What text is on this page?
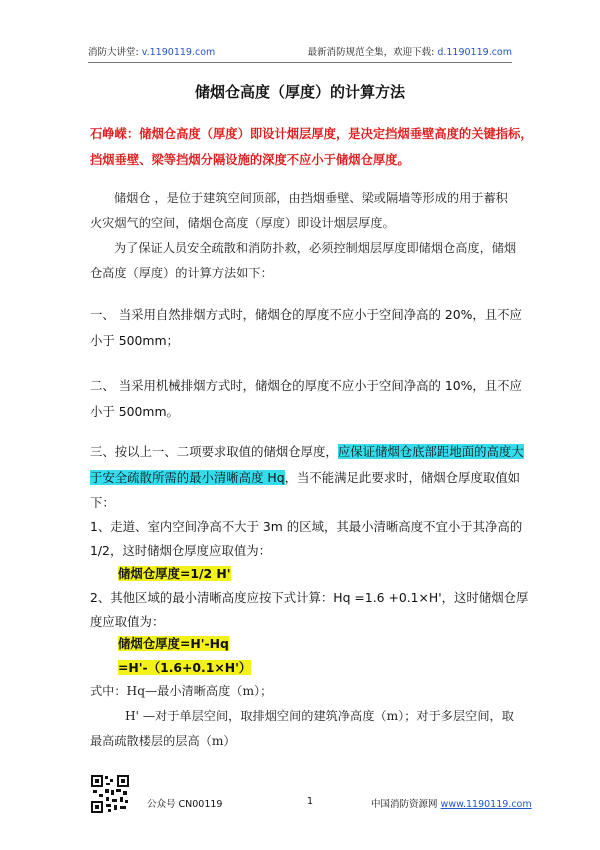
消防大讲堂: v.1190119.com	最新消防规范全集，欢迎下载: d.1190119.com
储烟仓高度（厚度）的计算方法
石峥嵘：储烟仓高度（厚度）即设计烟层厚度，是决定挡烟垂壁高度的关键指标，
挡烟垂壁、梁等挡烟分隔设施的深度不应小于储烟仓厚度。
储烟仓 ，是位于建筑空间顶部，由挡烟垂壁、梁或隔墙等形成的用于蓄积
火灾烟气的空间，储烟仓高度（厚度）即设计烟层厚度。
为了保证人员安全疏散和消防扑救，必须控制烟层厚度即储烟仓高度，储烟
仓高度（厚度）的计算方法如下：
一、 当采用自然排烟方式时，储烟仓的厚度不应小于空间净高的 20%，且不应
小于 500mm；
二、 当采用机械排烟方式时，储烟仓的厚度不应小于空间净高的 10%，且不应
小于 500mm。
三、按以上一、二项要求取值的储烟仓厚度，应保证储烟仓底部距地面的高度大
于安全疏散所需的最小清晰高度 Hq，当不能满足此要求时，储烟仓厚度取值如
下：
1、走道、室内空间净高不大于 3m 的区域，其最小清晰高度不宜小于其净高的
1/2，这时储烟仓厚度应取值为：
储烟仓厚度=1/2 H'
2、其他区域的最小清晰高度应按下式计算：Hq =1.6 +0.1×H'，这时储烟仓厚
度应取值为：
储烟仓厚度=H'-Hq
=H'-（1.6+0.1×H'）
式中：Hq—最小清晰高度（m）；
H' —对于单层空间，取排烟空间的建筑净高度（m）；对于多层空间，取
最高疏散楼层的层高（m）
公众号 CN00119	1	中国消防资源网 www.1190119.com
